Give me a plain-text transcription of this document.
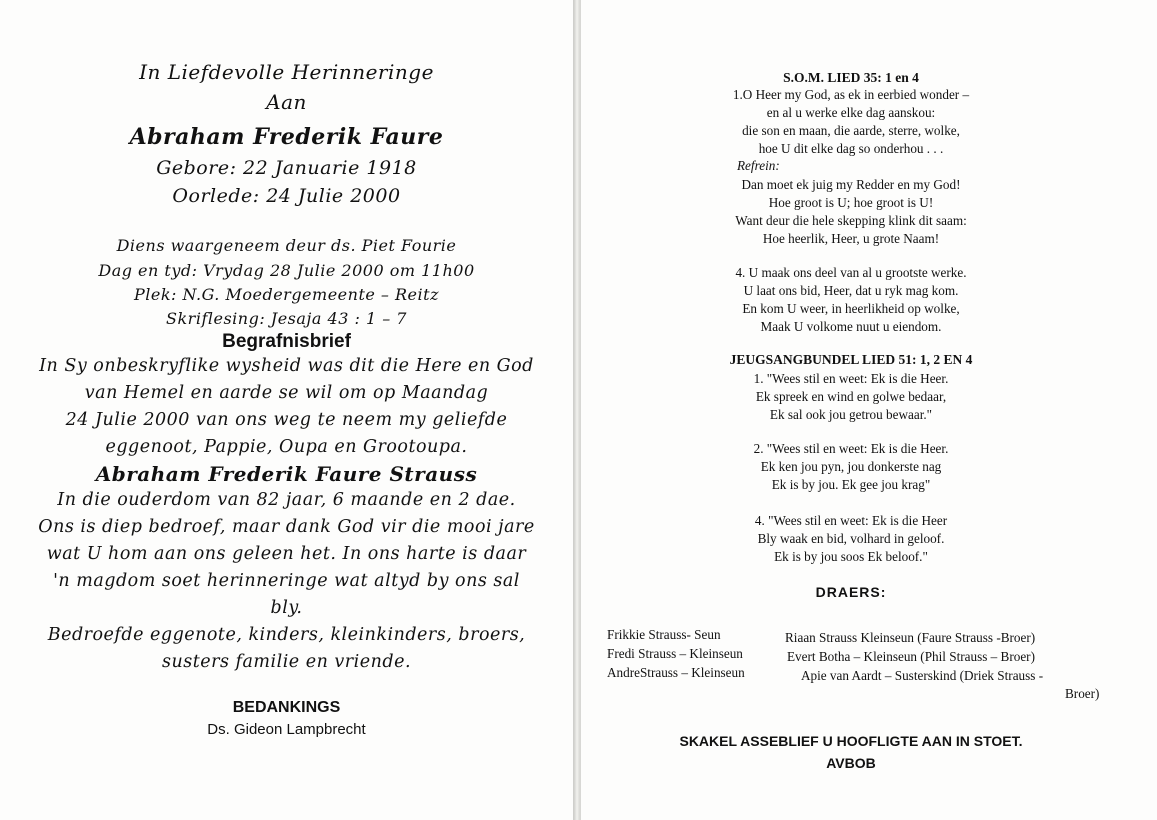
In Liefdevolle Herinneringe
Aan
Abraham Frederik Faure
Gebore: 22 Januarie 1918
Oorlede: 24 Julie 2000
Diens waargeneem deur ds. Piet Fourie
Dag en tyd: Vrydag 28 Julie 2000 om 11h00
Plek: N.G. Moedergemeente – Reitz
Skriflesing: Jesaja 43 : 1 – 7
Begrafnisbrief
In Sy onbeskryflike wysheid was dit die Here en God
van Hemel en aarde se wil om op Maandag
24 Julie 2000 van ons weg te neem my geliefde
eggenoot, Pappie, Oupa en Grootoupa.
Abraham Frederik Faure Strauss
In die ouderdom van 82 jaar, 6 maande en 2 dae.
Ons is diep bedroef, maar dank God vir die mooi jare
wat U hom aan ons geleen het. In ons harte is daar
'n magdom soet herinneringe wat altyd by ons sal
bly.
Bedroefde eggenote, kinders, kleinkinders, broers,
susters familie en vriende.
BEDANKINGS
Ds. Gideon Lampbrecht
S.O.M. LIED 35: 1 en 4
1.O Heer my God, as ek in eerbied wonder –
en al u werke elke dag aanskou:
die son en maan, die aarde, sterre, wolke,
hoe U dit elke dag so onderhou . . .
Refrein:
Dan moet ek juig my Redder en my God!
Hoe groot is U; hoe groot is U!
Want deur die hele skepping klink dit saam:
Hoe heerlik, Heer, u grote Naam!
4. U maak ons deel van al u grootste werke.
U laat ons bid, Heer, dat u ryk mag kom.
En kom U weer, in heerlikheid op wolke,
Maak U volkome nuut u eiendom.
JEUGSANGBUNDEL LIED 51: 1, 2 EN 4
1. "Wees stil en weet: Ek is die Heer.
Ek spreek en wind en golwe bedaar,
Ek sal ook jou getrou bewaar."
2. "Wees stil en weet: Ek is die Heer.
Ek ken jou pyn, jou donkerste nag
Ek is by jou. Ek gee jou krag"
4. "Wees stil en weet: Ek is die Heer
Bly waak en bid, volhard in geloof.
Ek is by jou soos Ek beloof."
DRAERS:
Frikkie Strauss- Seun
Fredi Strauss – Kleinseun
AndreStrauss – Kleinseun
Riaan Strauss Kleinseun (Faure Strauss -Broer)
Evert Botha – Kleinseun (Phil Strauss – Broer)
Apie van Aardt – Susterskind (Driek Strauss -
Broer)
SKAKEL ASSEBLIEF U HOOFLIGTE AAN IN STOET.
AVBOB
